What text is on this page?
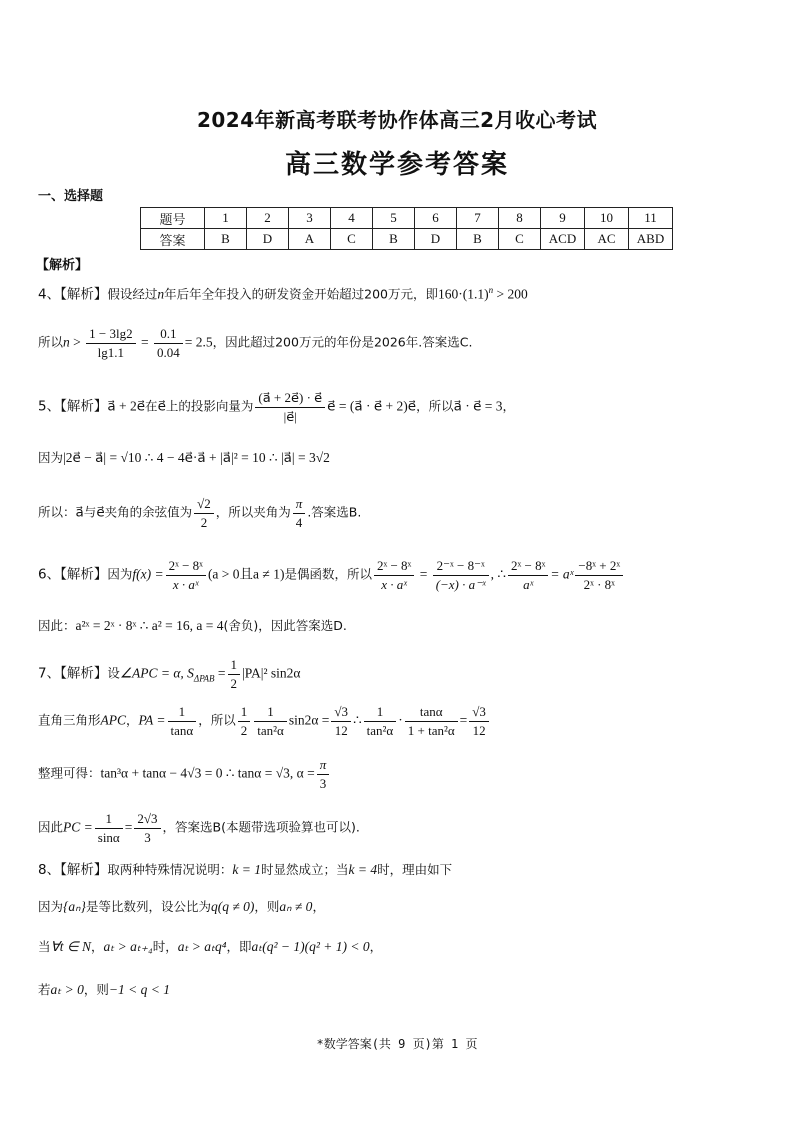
2024年新高考联考协作体高三2月收心考试
高三数学参考答案
一、选择题
题号	1	2	3	4	5	6	7	8	9	10	11
答案	B	D	A	C	B	D	B	C	ACD	AC	ABD
【解析】
4、【解析】假设经过n年后年全年投入的研发资金开始超过200万元，即$160\cdot(1.1)^n > 200$
所以$n > \frac{1 - 3\lg 2}{\lg 1.1} = \frac{0.1}{0.04} = 2.5$，因此超过200万元的年份是2026年.答案选C.
5、【解析】a⃗ + 2e⃗在e⃗上的投影向量为 $\frac{(a⃗ + 2e⃗) \cdot e⃗}{|e⃗|}$ e⃗ = (a⃗ · e⃗ + 2)e⃗，所以a⃗ · e⃗ = 3，
因为|2e⃗ − a⃗| = √10 ∴ 4 − 4e⃗·a⃗ + |a⃗|² = 10 ∴ |a⃗| = 3√2
所以：a⃗与e⃗夹角的余弦值为 $\frac{√2}{2}$ ，所以夹角为 $\frac{\pi}{4}$ .答案选B.
6、【解析】因为$f(x) = \frac{\text{2ˣ − 8ˣ}}{\text{x · aˣ}} (a > 0$且a ≠ 1)是偶函数，所以 $\frac{\text{2ˣ − 8ˣ}}{\text{x · aˣ}} = \frac{\text{2⁻ˣ − 8⁻ˣ}}{\text{(−x) · a⁻ˣ}}$ , ∴ $\frac{\text{2ˣ − 8ˣ}}{\text{aˣ}}$ = aˣ $\frac{\text{−8ˣ + 2ˣ}}{\text{2ˣ · 8ˣ}}$
因此：a²ˣ = 2ˣ · 8ˣ ∴ a² = 16, a = 4(舍负)，因此答案选D.
7、【解析】设∠APC = α, $S_{\Delta PAB} = \frac{1}{2} |PA|^2$ sin2α
直角三角形APC，PA = $\frac{1}{\tan\alpha}$ ，所以 $\frac{1}{2} \frac{1}{\text{tan²α}} \sin 2\alpha = \frac{√3}{12}$ ∴ $\frac{1}{\text{tan²α}} \cdot \frac{\tan\alpha}{\text{1 + tan²α}} = \frac{√3}{12}$
整理可得：tan³α + tanα − 4√3 = 0 ∴ tanα = √3, $\alpha = \frac{\pi}{3}$
因此PC = $\frac{1}{\sin\alpha} = \frac{2√3}{3}$ ，答案选B(本题带选项验算也可以).
8、【解析】取两种特殊情况说明：k = 1时显然成立；当k = 4时，理由如下
因为{aₙ}是等比数列，设公比为q(q ≠ 0)，则aₙ ≠ 0，
当∀t ∈ N，aₜ > aₜ₊₄时，aₜ > aₜq⁴，即aₜ(q² − 1)(q² + 1) < 0，
若aₜ > 0，则−1 < q < 1
*数学答案(共 9 页)第 1 页
